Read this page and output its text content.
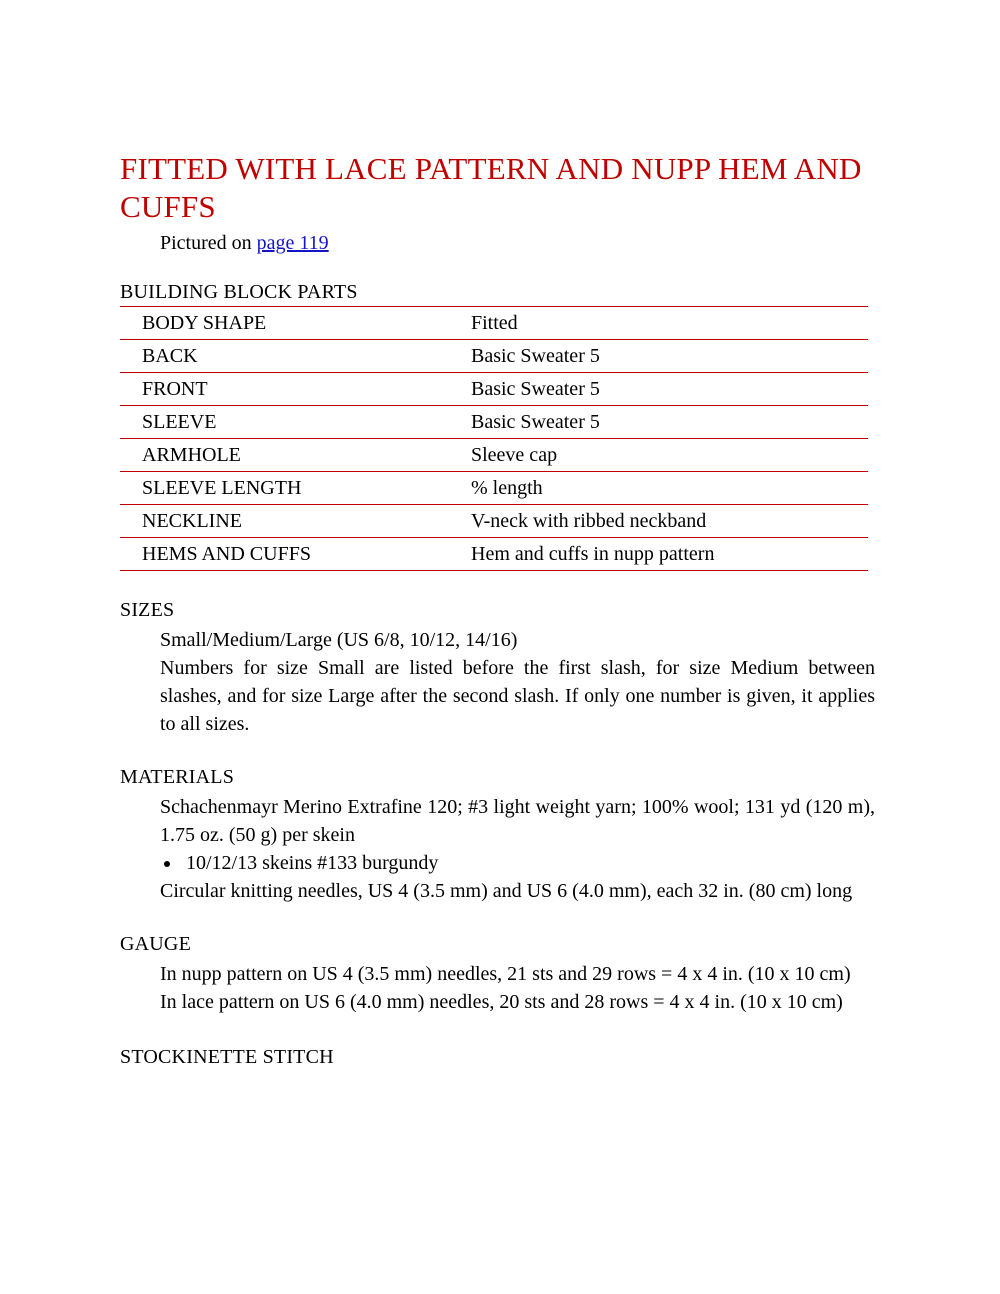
FITTED WITH LACE PATTERN AND NUPP HEM AND CUFFS
Pictured on page 119
BUILDING BLOCK PARTS
BODY SHAPE	Fitted
BACK	Basic Sweater 5
FRONT	Basic Sweater 5
SLEEVE	Basic Sweater 5
ARMHOLE	Sleeve cap
SLEEVE LENGTH	% length
NECKLINE	V-neck with ribbed neckband
HEMS AND CUFFS	Hem and cuffs in nupp pattern
SIZES
Small/Medium/Large (US 6/8, 10/12, 14/16)
Numbers for size Small are listed before the first slash, for size Medium between slashes, and for size Large after the second slash. If only one number is given, it applies to all sizes.
MATERIALS
Schachenmayr Merino Extrafine 120; #3 light weight yarn; 100% wool; 131 yd (120 m), 1.75 oz. (50 g) per skein
• 10/12/13 skeins #133 burgundy
Circular knitting needles, US 4 (3.5 mm) and US 6 (4.0 mm), each 32 in. (80 cm) long
GAUGE
In nupp pattern on US 4 (3.5 mm) needles, 21 sts and 29 rows = 4 x 4 in. (10 x 10 cm)
In lace pattern on US 6 (4.0 mm) needles, 20 sts and 28 rows = 4 x 4 in. (10 x 10 cm)
STOCKINETTE STITCH
